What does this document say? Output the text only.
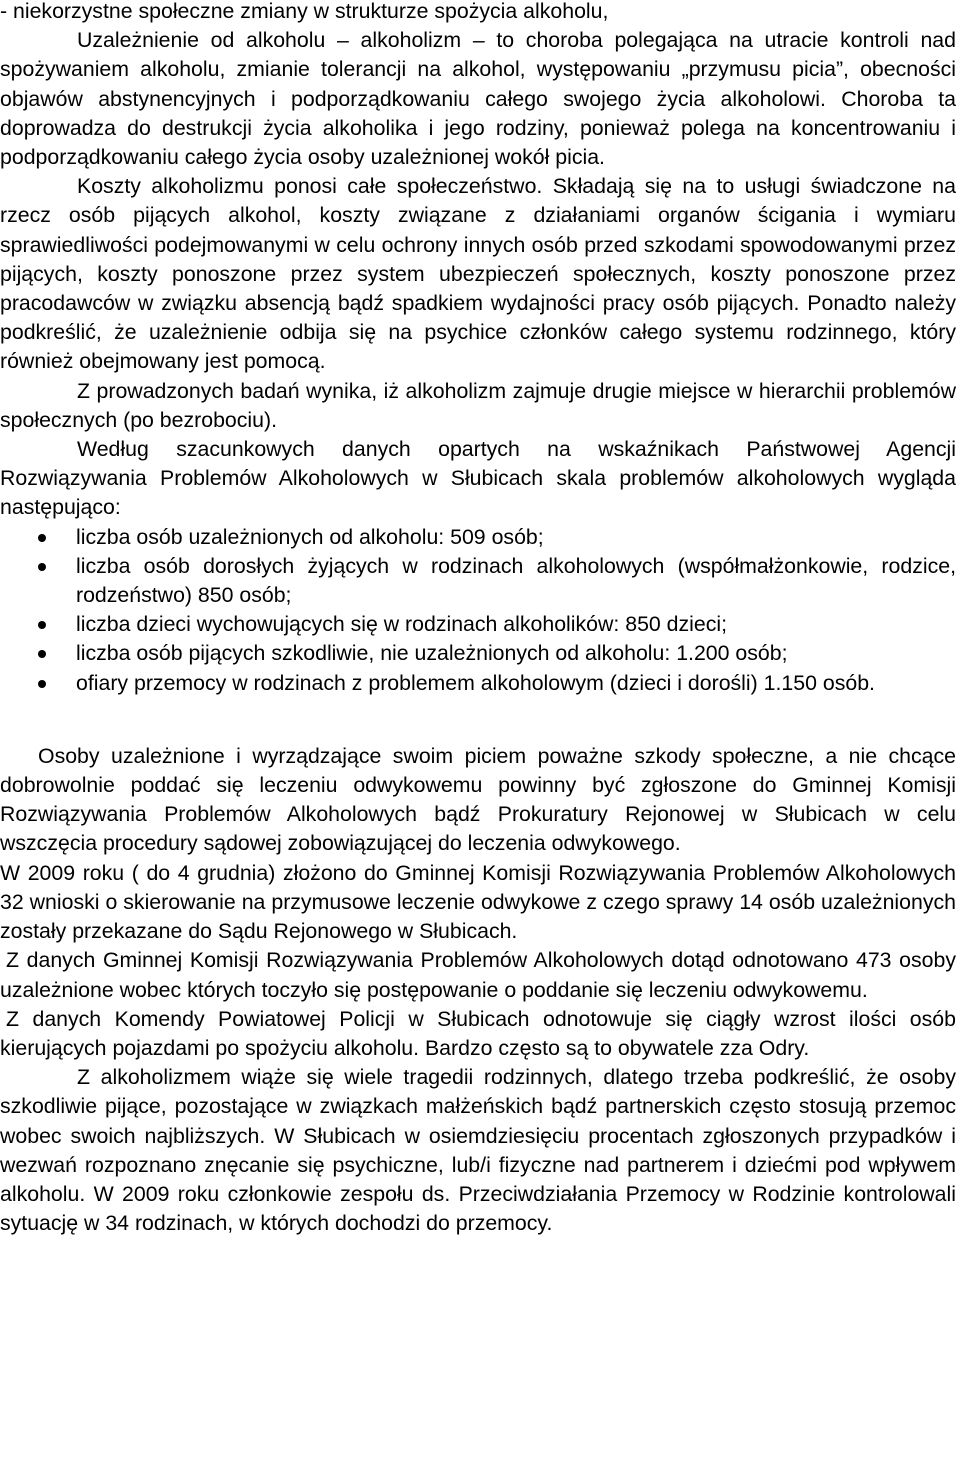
- niekorzystne społeczne zmiany w strukturze spożycia alkoholu,

Uzależnienie od alkoholu – alkoholizm – to choroba polegająca na utracie kontroli nad spożywaniem alkoholu, zmianie tolerancji na alkohol, występowaniu „przymusu picia”, obecności objawów abstynencyjnych i podporządkowaniu całego swojego życia alkoholowi. Choroba ta doprowadza do destrukcji życia alkoholika i jego rodziny, ponieważ polega na koncentrowaniu i podporządkowaniu całego życia osoby uzależnionej wokół picia.

Koszty alkoholizmu ponosi całe społeczeństwo. Składają się na to usługi świadczone na rzecz osób pijących alkohol, koszty związane z działaniami organów ścigania i wymiaru sprawiedliwości podejmowanymi w celu ochrony innych osób przed szkodami spowodowanymi przez pijących, koszty ponoszone przez system ubezpieczeń społecznych, koszty ponoszone przez pracodawców w związku absencją bądź spadkiem wydajności pracy osób pijących. Ponadto należy podkreślić, że uzależnienie odbija się na psychice członków całego systemu rodzinnego, który również obejmowany jest pomocą.

Z prowadzonych badań wynika, iż alkoholizm zajmuje drugie miejsce w hierarchii problemów społecznych (po bezrobociu).

Według szacunkowych danych opartych na wskaźnikach Państwowej Agencji Rozwiązywania Problemów Alkoholowych w Słubicach skala problemów alkoholowych wygląda następująco:

liczba osób uzależnionych od alkoholu: 509 osób;
liczba osób dorosłych żyjących w rodzinach alkoholowych (współmałżonkowie, rodzice, rodzeństwo) 850 osób;
liczba dzieci wychowujących się w rodzinach alkoholików: 850 dzieci;
liczba osób pijących szkodliwie, nie uzależnionych od alkoholu: 1.200 osób;
ofiary przemocy w rodzinach z problemem alkoholowym (dzieci i dorośli) 1.150 osób.

Osoby uzależnione i wyrządzające swoim piciem poważne szkody społeczne, a nie chcące dobrowolnie poddać się leczeniu odwykowemu powinny być zgłoszone do Gminnej Komisji Rozwiązywania Problemów Alkoholowych bądź Prokuratury Rejonowej w Słubicach w celu wszczęcia procedury sądowej zobowiązującej do leczenia odwykowego.

W 2009 roku ( do 4 grudnia) złożono do Gminnej Komisji Rozwiązywania Problemów Alkoholowych 32 wnioski o skierowanie na przymusowe leczenie odwykowe z czego sprawy 14 osób uzależnionych zostały przekazane do Sądu Rejonowego w Słubicach.

Z danych Gminnej Komisji Rozwiązywania Problemów Alkoholowych dotąd odnotowano 473 osoby uzależnione wobec których toczyło się postępowanie o poddanie się leczeniu odwykowemu.

Z danych Komendy Powiatowej Policji w Słubicach odnotowuje się ciągły wzrost ilości osób kierujących pojazdami po spożyciu alkoholu. Bardzo często są to obywatele zza Odry.

Z alkoholizmem wiąże się wiele tragedii rodzinnych, dlatego trzeba podkreślić, że osoby szkodliwie pijące, pozostające w związkach małżeńskich bądź partnerskich często stosują przemoc wobec swoich najbliższych. W Słubicach w osiemdziesięciu procentach zgłoszonych przypadków i wezwań rozpoznano znęcanie się psychiczne, lub/i fizyczne nad partnerem i dziećmi pod wpływem alkoholu. W 2009 roku członkowie zespołu ds. Przeciwdziałania Przemocy w Rodzinie kontrolowali sytuację w 34 rodzinach, w których dochodzi do przemocy.
